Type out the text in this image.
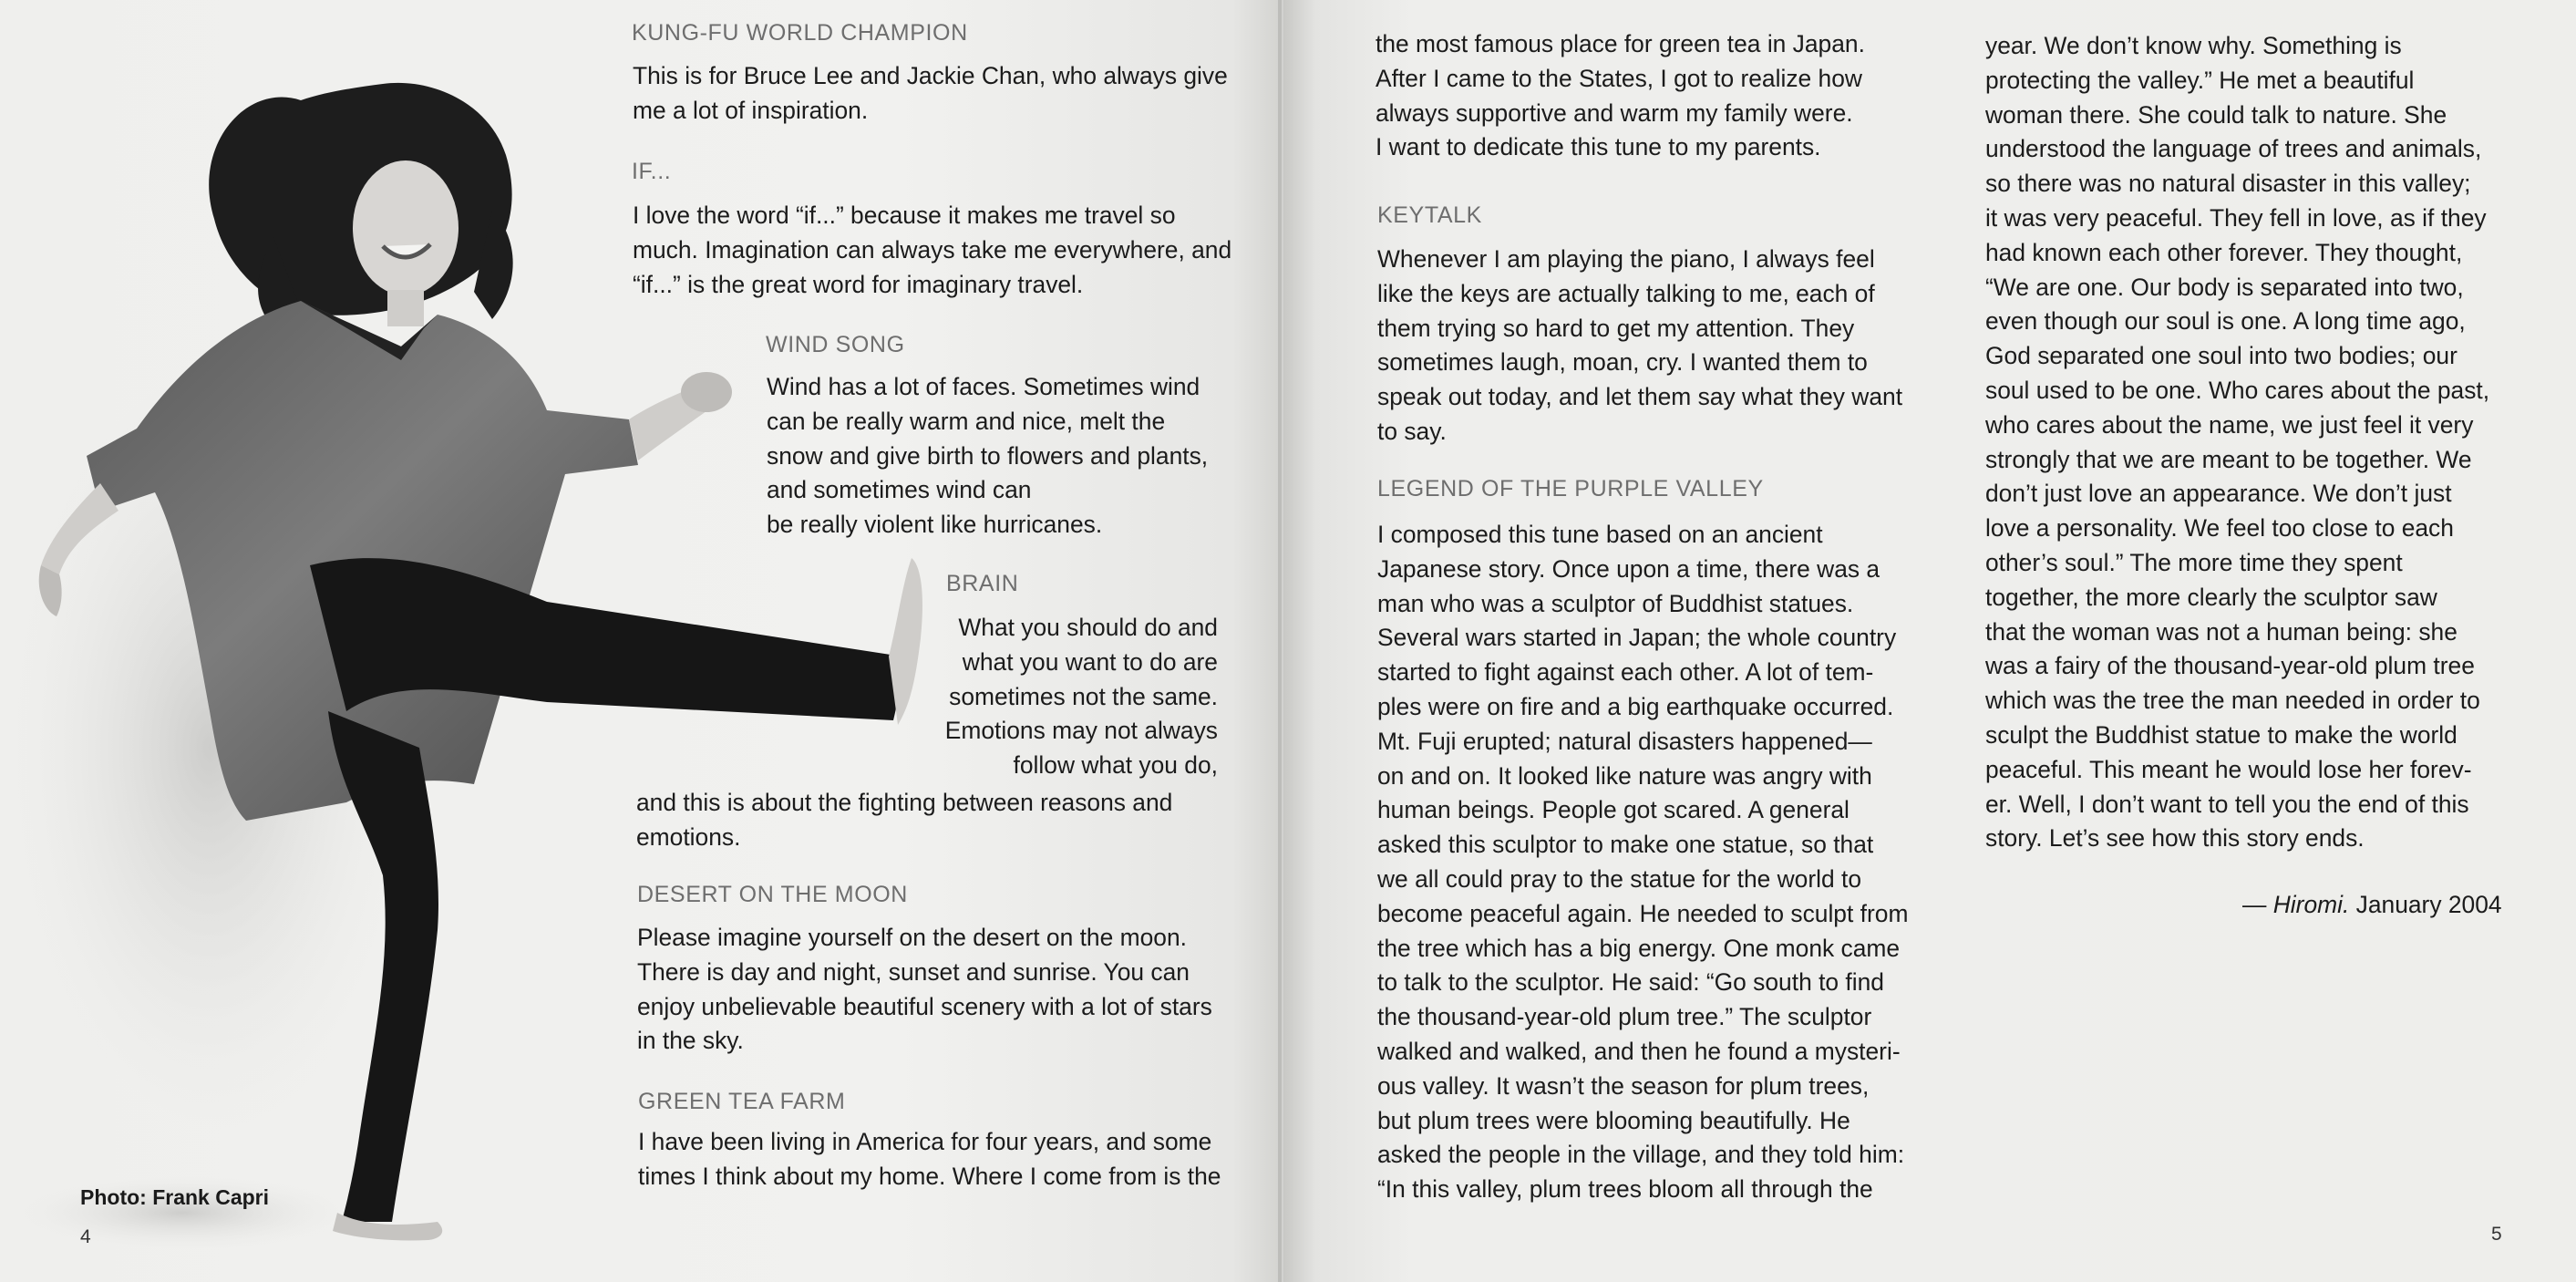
KUNG-FU WORLD CHAMPION
This is for Bruce Lee and Jackie Chan, who always give
me a lot of inspiration.
IF...
I love the word “if...” because it makes me travel so
much. Imagination can always take me everywhere, and
“if...” is the great word for imaginary travel.
WIND SONG
Wind has a lot of faces. Sometimes wind
can be really warm and nice, melt the
snow and give birth to flowers and plants,
and sometimes wind can
be really violent like hurricanes.
BRAIN
What you should do and
what you want to do are
sometimes not the same.
Emotions may not always
follow what you do,
and this is about the fighting between reasons and
emotions.
DESERT ON THE MOON
Please imagine yourself on the desert on the moon.
There is day and night, sunset and sunrise. You can
enjoy unbelievable beautiful scenery with a lot of stars
in the sky.
GREEN TEA FARM
I have been living in America for four years, and some
times I think about my home. Where I come from is the
Photo: Frank Capri
4
the most famous place for green tea in Japan.
After I came to the States, I got to realize how
always supportive and warm my family were.
I want to dedicate this tune to my parents.
KEYTALK
Whenever I am playing the piano, I always feel
like the keys are actually talking to me, each of
them trying so hard to get my attention. They
sometimes laugh, moan, cry. I wanted them to
speak out today, and let them say what they want
to say.
LEGEND OF THE PURPLE VALLEY
I composed this tune based on an ancient
Japanese story. Once upon a time, there was a
man who was a sculptor of Buddhist statues.
Several wars started in Japan; the whole country
started to fight against each other. A lot of tem-
ples were on fire and a big earthquake occurred.
Mt. Fuji erupted; natural disasters happened—
on and on. It looked like nature was angry with
human beings. People got scared. A general
asked this sculptor to make one statue, so that
we all could pray to the statue for the world to
become peaceful again. He needed to sculpt from
the tree which has a big energy. One monk came
to talk to the sculptor. He said: “Go south to find
the thousand-year-old plum tree.” The sculptor
walked and walked, and then he found a mysteri-
ous valley. It wasn’t the season for plum trees,
but plum trees were blooming beautifully. He
asked the people in the village, and they told him:
“In this valley, plum trees bloom all through the
year. We don’t know why. Something is
protecting the valley.” He met a beautiful
woman there. She could talk to nature. She
understood the language of trees and animals,
so there was no natural disaster in this valley;
it was very peaceful. They fell in love, as if they
had known each other forever. They thought,
“We are one. Our body is separated into two,
even though our soul is one. A long time ago,
God separated one soul into two bodies; our
soul used to be one. Who cares about the past,
who cares about the name, we just feel it very
strongly that we are meant to be together. We
don’t just love an appearance. We don’t just
love a personality. We feel too close to each
other’s soul.” The more time they spent
together, the more clearly the sculptor saw
that the woman was not a human being: she
was a fairy of the thousand-year-old plum tree
which was the tree the man needed in order to
sculpt the Buddhist statue to make the world
peaceful. This meant he would lose her forev-
er. Well, I don’t want to tell you the end of this
story. Let’s see how this story ends.
— Hiromi. January 2004
5
